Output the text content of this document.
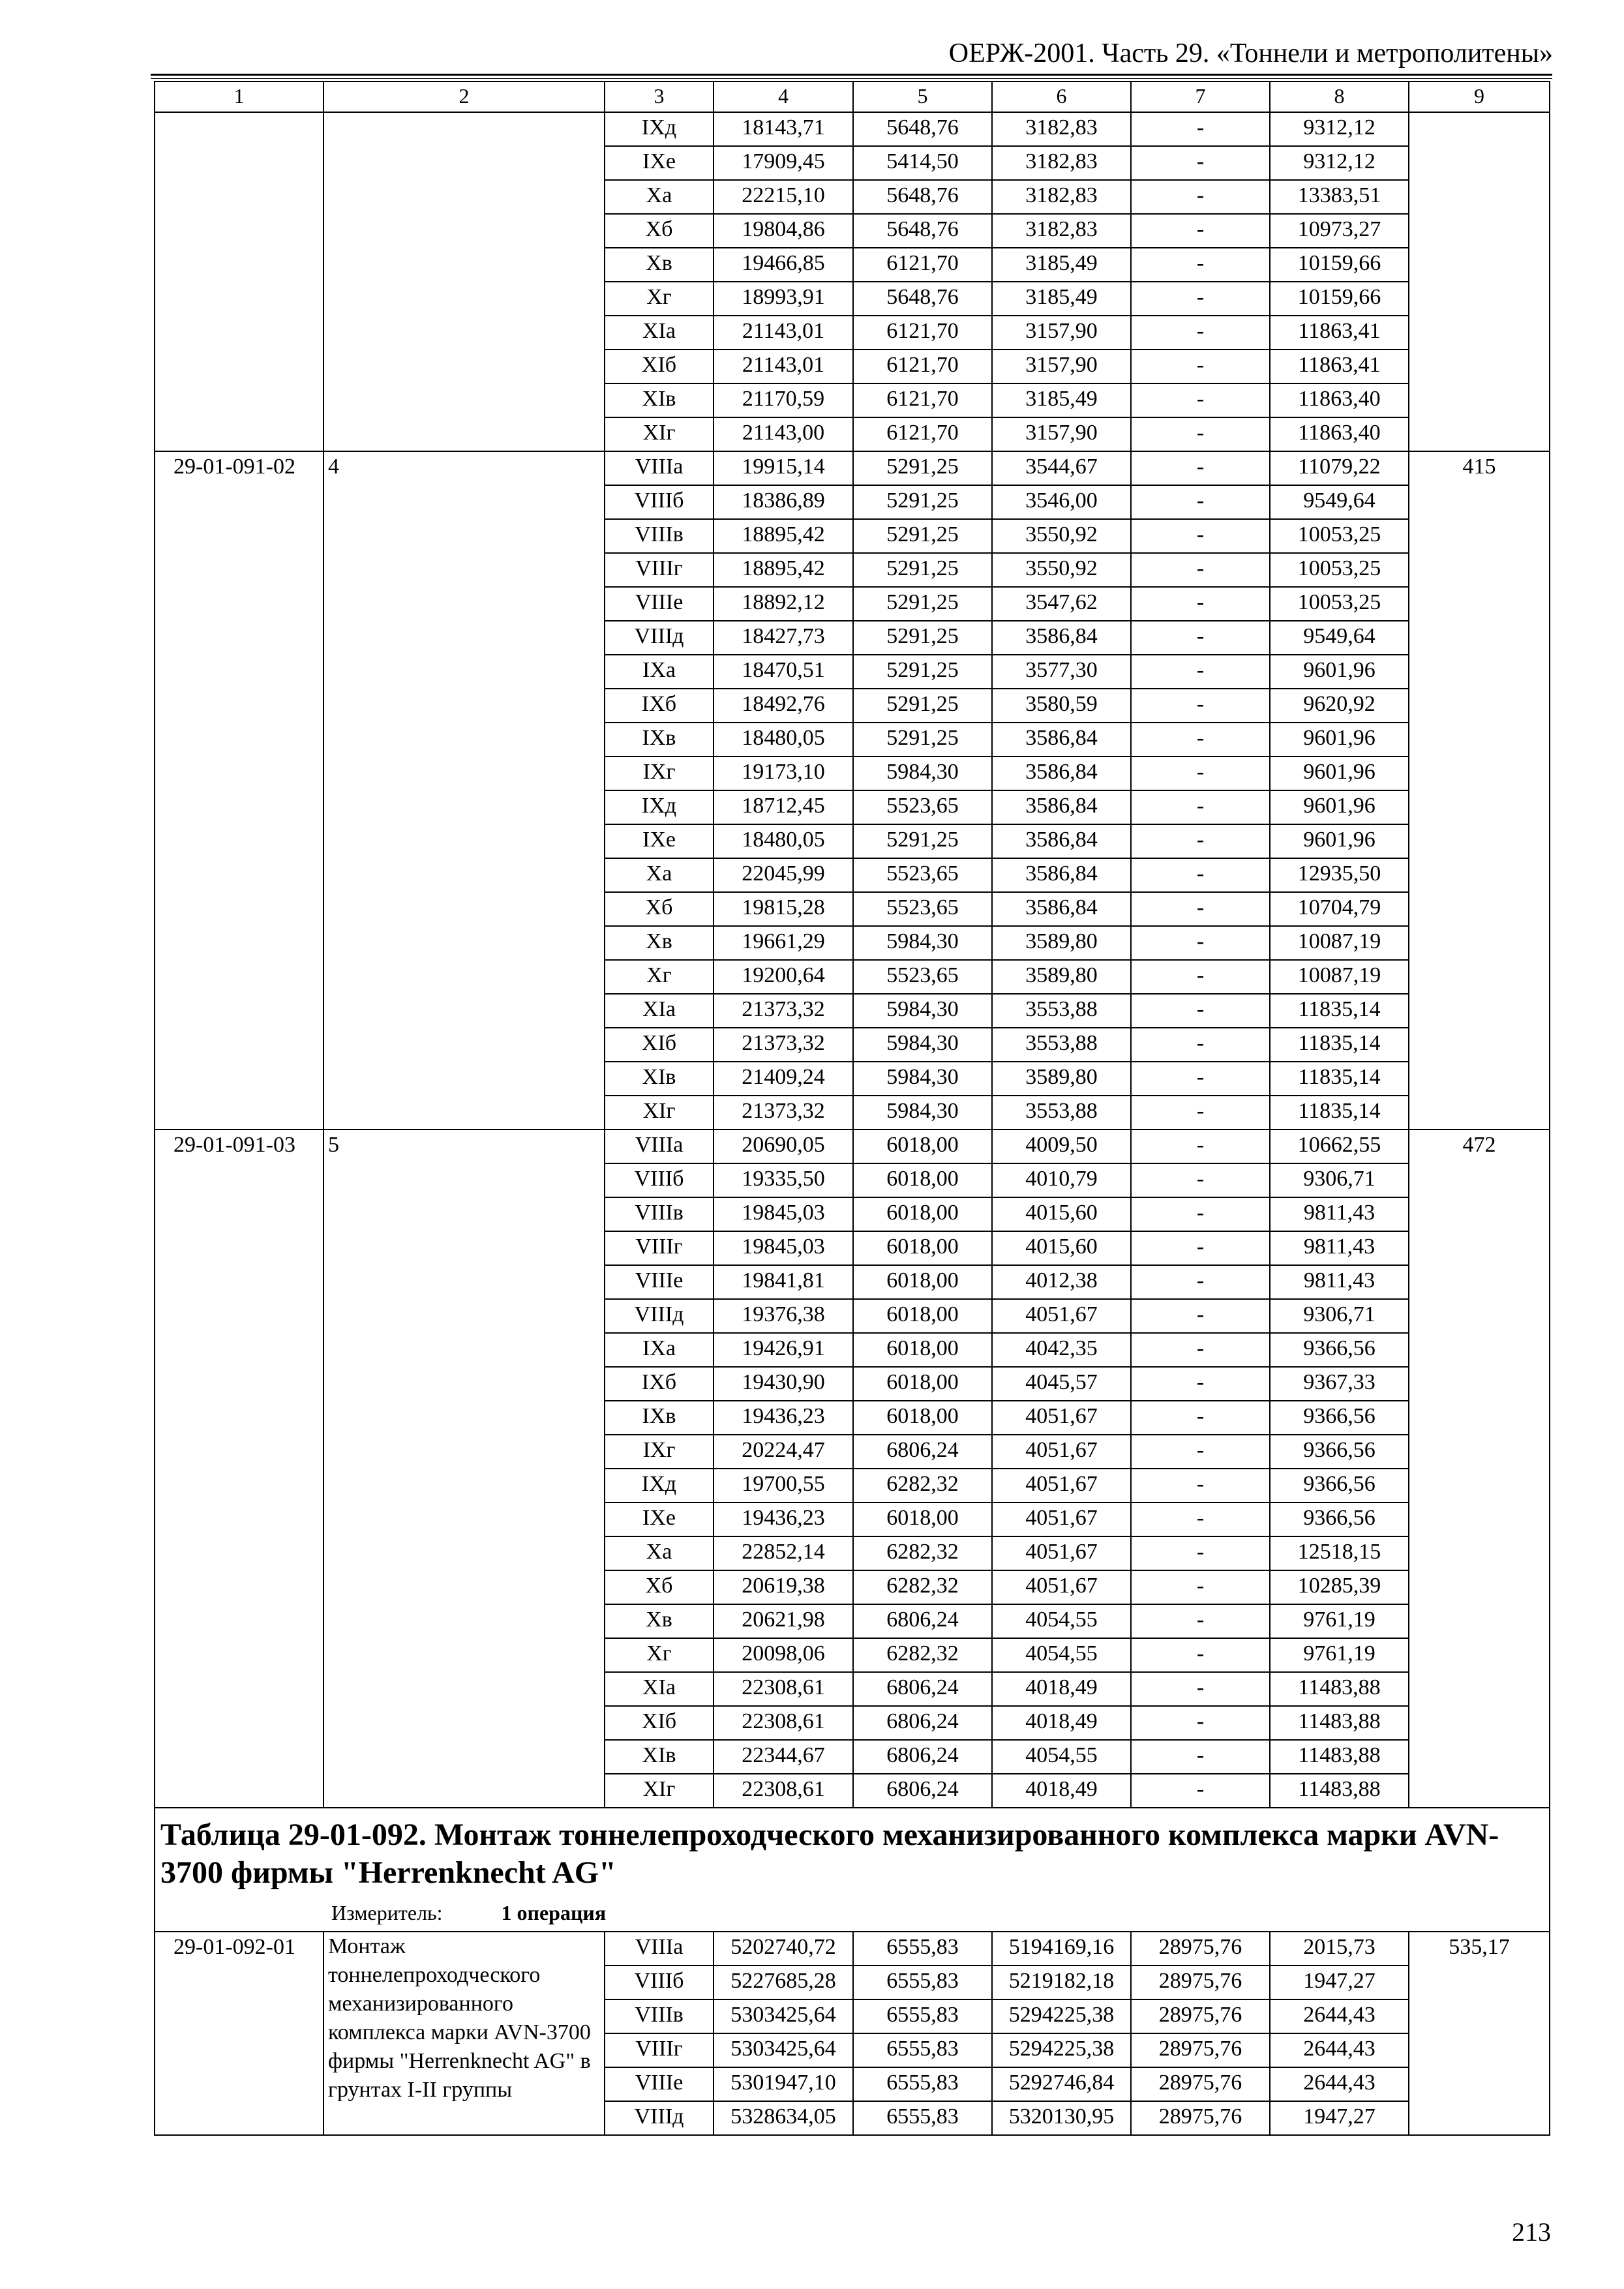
ОЕРЖ-2001. Часть 29. «Тоннели и метрополитены»
1	2	3	4	5	6	7	8	9
		IXд	18143,71	5648,76	3182,83	-	9312,12	
		IXе	17909,45	5414,50	3182,83	-	9312,12	
		Xа	22215,10	5648,76	3182,83	-	13383,51	
		Xб	19804,86	5648,76	3182,83	-	10973,27	
		Xв	19466,85	6121,70	3185,49	-	10159,66	
		Xг	18993,91	5648,76	3185,49	-	10159,66	
		XIа	21143,01	6121,70	3157,90	-	11863,41	
		XIб	21143,01	6121,70	3157,90	-	11863,41	
		XIв	21170,59	6121,70	3185,49	-	11863,40	
		XIг	21143,00	6121,70	3157,90	-	11863,40	
29-01-091-02	4	VIIIа	19915,14	5291,25	3544,67	-	11079,22	415
		VIIIб	18386,89	5291,25	3546,00	-	9549,64	
		VIIIв	18895,42	5291,25	3550,92	-	10053,25	
		VIIIг	18895,42	5291,25	3550,92	-	10053,25	
		VIIIе	18892,12	5291,25	3547,62	-	10053,25	
		VIIIд	18427,73	5291,25	3586,84	-	9549,64	
		IXа	18470,51	5291,25	3577,30	-	9601,96	
		IXб	18492,76	5291,25	3580,59	-	9620,92	
		IXв	18480,05	5291,25	3586,84	-	9601,96	
		IXг	19173,10	5984,30	3586,84	-	9601,96	
		IXд	18712,45	5523,65	3586,84	-	9601,96	
		IXе	18480,05	5291,25	3586,84	-	9601,96	
		Xа	22045,99	5523,65	3586,84	-	12935,50	
		Xб	19815,28	5523,65	3586,84	-	10704,79	
		Xв	19661,29	5984,30	3589,80	-	10087,19	
		Xг	19200,64	5523,65	3589,80	-	10087,19	
		XIа	21373,32	5984,30	3553,88	-	11835,14	
		XIб	21373,32	5984,30	3553,88	-	11835,14	
		XIв	21409,24	5984,30	3589,80	-	11835,14	
		XIг	21373,32	5984,30	3553,88	-	11835,14	
29-01-091-03	5	VIIIа	20690,05	6018,00	4009,50	-	10662,55	472
		VIIIб	19335,50	6018,00	4010,79	-	9306,71	
		VIIIв	19845,03	6018,00	4015,60	-	9811,43	
		VIIIг	19845,03	6018,00	4015,60	-	9811,43	
		VIIIе	19841,81	6018,00	4012,38	-	9811,43	
		VIIIд	19376,38	6018,00	4051,67	-	9306,71	
		IXа	19426,91	6018,00	4042,35	-	9366,56	
		IXб	19430,90	6018,00	4045,57	-	9367,33	
		IXв	19436,23	6018,00	4051,67	-	9366,56	
		IXг	20224,47	6806,24	4051,67	-	9366,56	
		IXд	19700,55	6282,32	4051,67	-	9366,56	
		IXе	19436,23	6018,00	4051,67	-	9366,56	
		Xа	22852,14	6282,32	4051,67	-	12518,15	
		Xб	20619,38	6282,32	4051,67	-	10285,39	
		Xв	20621,98	6806,24	4054,55	-	9761,19	
		Xг	20098,06	6282,32	4054,55	-	9761,19	
		XIа	22308,61	6806,24	4018,49	-	11483,88	
		XIб	22308,61	6806,24	4018,49	-	11483,88	
		XIв	22344,67	6806,24	4054,55	-	11483,88	
		XIг	22308,61	6806,24	4018,49	-	11483,88	

Таблица 29-01-092. Монтаж тоннелепроходческого механизированного комплекса марки AVN-3700 фирмы "Herrenknecht AG"
Измеритель: 1 операция								

29-01-092-01	Монтаж тоннелепроходческого механизированного комплекса марки AVN-3700 фирмы "Herrenknecht AG" в грунтах I-II группы	VIIIа	5202740,72	6555,83	5194169,16	28975,76	2015,73	535,17
		VIIIб	5227685,28	6555,83	5219182,18	28975,76	1947,27	
		VIIIв	5303425,64	6555,83	5294225,38	28975,76	2644,43	
		VIIIг	5303425,64	6555,83	5294225,38	28975,76	2644,43	
		VIIIе	5301947,10	6555,83	5292746,84	28975,76	2644,43	
		VIIIд	5328634,05	6555,83	5320130,95	28975,76	1947,27	
213
